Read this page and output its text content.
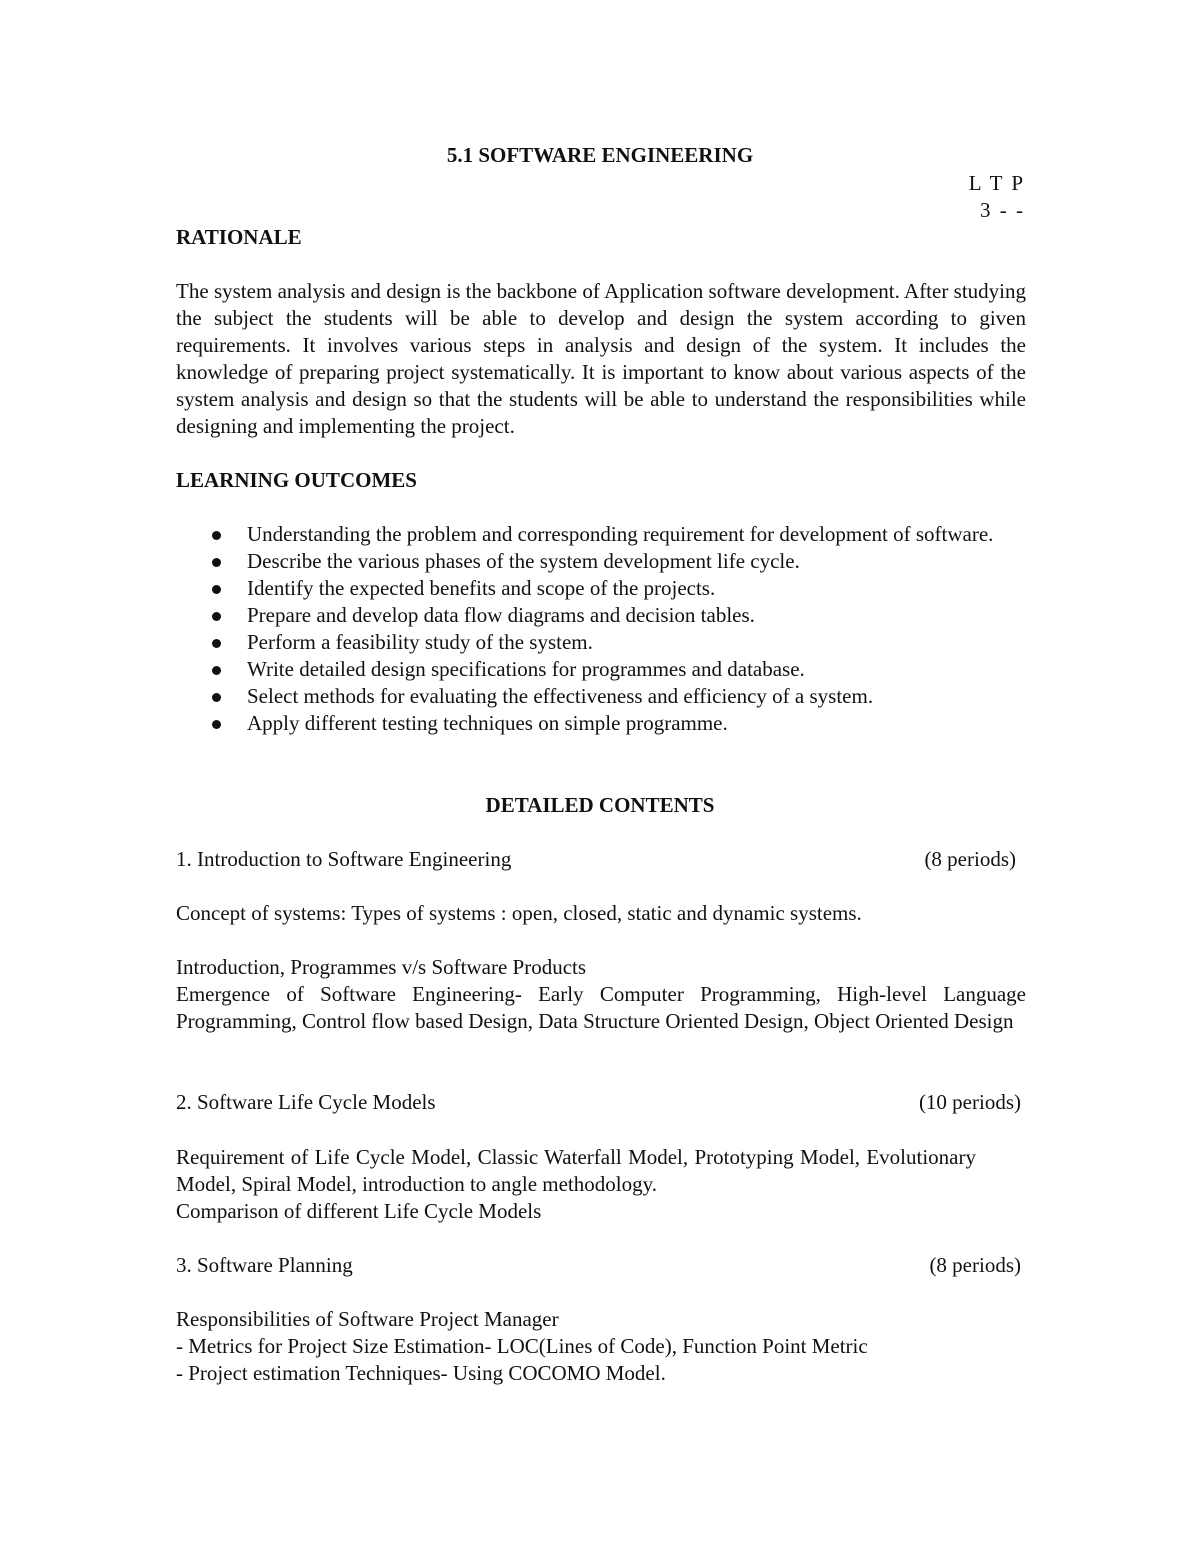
5.1 SOFTWARE ENGINEERING
L T P
3 - -
RATIONALE
The system analysis and design is the backbone of Application software development. After studying the subject the students will be able to develop and design the system according to given requirements. It involves various steps in analysis and design of the system. It includes the knowledge of preparing project systematically. It is important to know about various aspects of the system analysis and design so that the students will be able to understand the responsibilities while designing and implementing the project.
LEARNING OUTCOMES
Understanding the problem and corresponding requirement for development of software.
Describe the various phases of the system development life cycle.
Identify the expected benefits and scope of the projects.
Prepare and develop data flow diagrams and decision tables.
Perform a feasibility study of the system.
Write detailed design specifications for programmes and database.
Select methods for evaluating the effectiveness and efficiency of a system.
Apply different testing techniques on simple programme.
DETAILED CONTENTS
1. Introduction to Software Engineering	(8 periods)
Concept of systems: Types of systems : open, closed, static and dynamic systems.
Introduction, Programmes v/s Software Products
Emergence of Software Engineering- Early Computer Programming, High-level Language Programming, Control flow based Design, Data Structure Oriented Design, Object Oriented Design
2. Software Life Cycle Models	(10 periods)
Requirement of Life Cycle Model, Classic Waterfall Model, Prototyping Model, Evolutionary Model, Spiral Model, introduction to angle methodology.
Comparison of different Life Cycle Models
3. Software Planning	(8 periods)
Responsibilities of Software Project Manager
- Metrics for Project Size Estimation- LOC(Lines of Code), Function Point Metric
- Project estimation Techniques- Using COCOMO Model.
